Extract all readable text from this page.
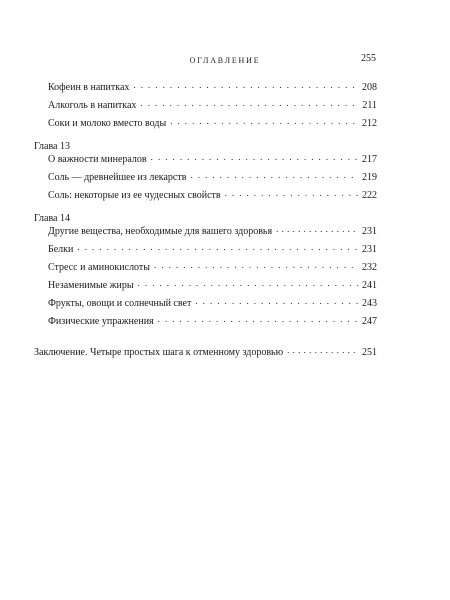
ОГЛАВЛЕНИЕ	255
Кофеин в напитках . . .	208
Алкоголь в напитках . . .	211
Соки и молоко вместо воды . . .	212
Глава 13
О важности минералов . . .	217
Соль — древнейшее из лекарств . . .	219
Соль: некоторые из ее чудесных свойств . . .	222
Глава 14
Другие вещества, необходимые для вашего здоровья . . .	231
Белки . . .	231
Стресс и аминокислоты . . .	232
Незаменимые жиры . . .	241
Фрукты, овощи и солнечный свет . . .	243
Физические упражнения . . .	247
Заключение. Четыре простых шага к отменному здоровью . . .	251
